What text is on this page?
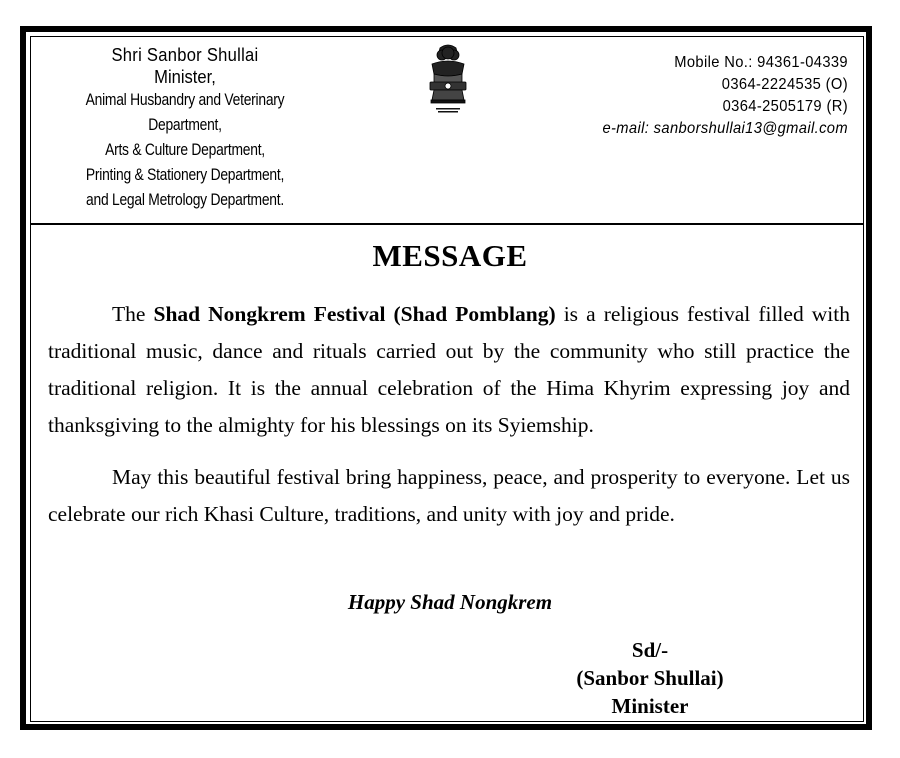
Shri Sanbor Shullai
Minister,
Animal Husbandry and Veterinary
Department,
Arts & Culture Department,
Printing & Stationery Department,
and Legal Metrology Department.
Mobile No.: 94361-04339
0364-2224535 (O)
0364-2505179 (R)
e-mail: sanborshullai13@gmail.com
MESSAGE
The Shad Nongkrem Festival (Shad Pomblang) is a religious festival filled with traditional music, dance and rituals carried out by the community who still practice the traditional religion. It is the annual celebration of the Hima Khyrim expressing joy and thanksgiving to the almighty for his blessings on its Syiemship.
May this beautiful festival bring happiness, peace, and prosperity to everyone. Let us celebrate our rich Khasi Culture, traditions, and unity with joy and pride.
Happy Shad Nongkrem
Sd/-
(Sanbor Shullai)
Minister
